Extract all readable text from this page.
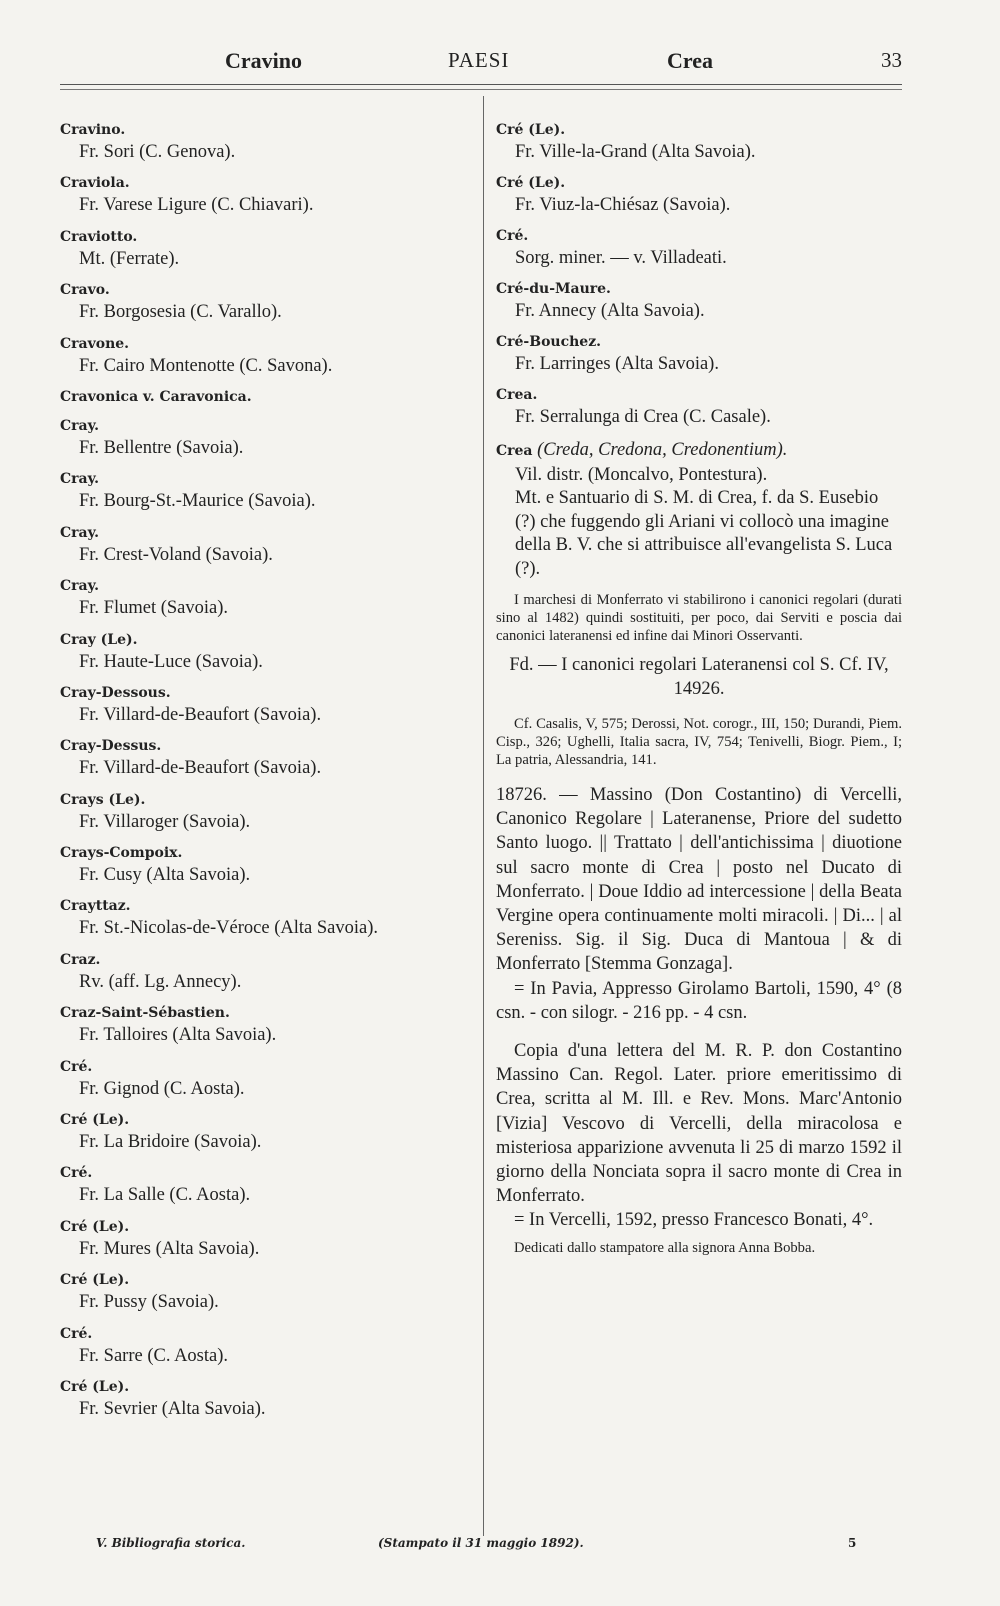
Cravino	PAESI	Crea	33
Cravino.
Fr. Sori (C. Genova).
Craviola.
Fr. Varese Ligure (C. Chiavari).
Craviotto.
Mt. (Ferrate).
Cravo.
Fr. Borgosesia (C. Varallo).
Cravone.
Fr. Cairo Montenotte (C. Savona).
Cravonica v. Caravonica.
Cray.
Fr. Bellentre (Savoia).
Cray.
Fr. Bourg-St.-Maurice (Savoia).
Cray.
Fr. Crest-Voland (Savoia).
Cray.
Fr. Flumet (Savoia).
Cray (Le).
Fr. Haute-Luce (Savoia).
Cray-Dessous.
Fr. Villard-de-Beaufort (Savoia).
Cray-Dessus.
Fr. Villard-de-Beaufort (Savoia).
Crays (Le).
Fr. Villaroger (Savoia).
Crays-Compoix.
Fr. Cusy (Alta Savoia).
Crayttaz.
Fr. St.-Nicolas-de-Véroce (Alta Savoia).
Craz.
Rv. (aff. Lg. Annecy).
Craz-Saint-Sébastien.
Fr. Talloires (Alta Savoia).
Cré.
Fr. Gignod (C. Aosta).
Cré (Le).
Fr. La Bridoire (Savoia).
Cré.
Fr. La Salle (C. Aosta).
Cré (Le).
Fr. Mures (Alta Savoia).
Cré (Le).
Fr. Pussy (Savoia).
Cré.
Fr. Sarre (C. Aosta).
Cré (Le).
Fr. Sevrier (Alta Savoia).
Cré (Le).
Fr. Ville-la-Grand (Alta Savoia).
Cré (Le).
Fr. Viuz-la-Chiésaz (Savoia).
Cré.
Sorg. miner. — v. Villadeati.
Cré-du-Maure.
Fr. Annecy (Alta Savoia).
Cré-Bouchez.
Fr. Larringes (Alta Savoia).
Crea.
Fr. Serralunga di Crea (C. Casale).
Crea (Creda, Credona, Credonentium).
Vil. distr. (Moncalvo, Pontestura).
Mt. e Santuario di S. M. di Crea, f. da S. Eusebio (?) che fuggendo gli Ariani vi collocò una imagine della B. V. che si attribuisce all'evangelista S. Luca (?).
I marchesi di Monferrato vi stabilirono i canonici regolari (durati sino al 1482) quindi sostituiti, per poco, dai Serviti e poscia dai canonici lateranensi ed infine dai Minori Osservanti.
Fd. — I canonici regolari Lateranensi col S. Cf. IV, 14926.
Cf. Casalis, V, 575; Derossi, Not. corogr., III, 150; Durandi, Piem. Cisp., 326; Ughelli, Italia sacra, IV, 754; Tenivelli, Biogr. Piem., I; La patria, Alessandria, 141.
18726. — Massino (Don Costantino) di Vercelli, Canonico Regolare | Lateranense, Priore del sudetto Santo luogo. || Trattato | dell'antichissima | diuotione sul sacro monte di Crea | posto nel Ducato di Monferrato. | Doue Iddio ad intercessione | della Beata Vergine opera continuamente molti miracoli. | Di... | al Sereniss. Sig. il Sig. Duca di Mantoua | & di Monferrato [Stemma Gonzaga].
= In Pavia, Appresso Girolamo Bartoli, 1590, 4° (8 csn. - con silogr. - 216 pp. - 4 csn.
Copia d'una lettera del M. R. P. don Costantino Massino Can. Regol. Later. priore emeritissimo di Crea, scritta al M. Ill. e Rev. Mons. Marc'Antonio [Vizia] Vescovo di Vercelli, della miracolosa e misteriosa apparizione avvenuta li 25 di marzo 1592 il giorno della Nonciata sopra il sacro monte di Crea in Monferrato.
= In Vercelli, 1592, presso Francesco Bonati, 4°.
Dedicati dallo stampatore alla signora Anna Bobba.
V. Bibliografia storica.	(Stampato il 31 maggio 1892).	5
